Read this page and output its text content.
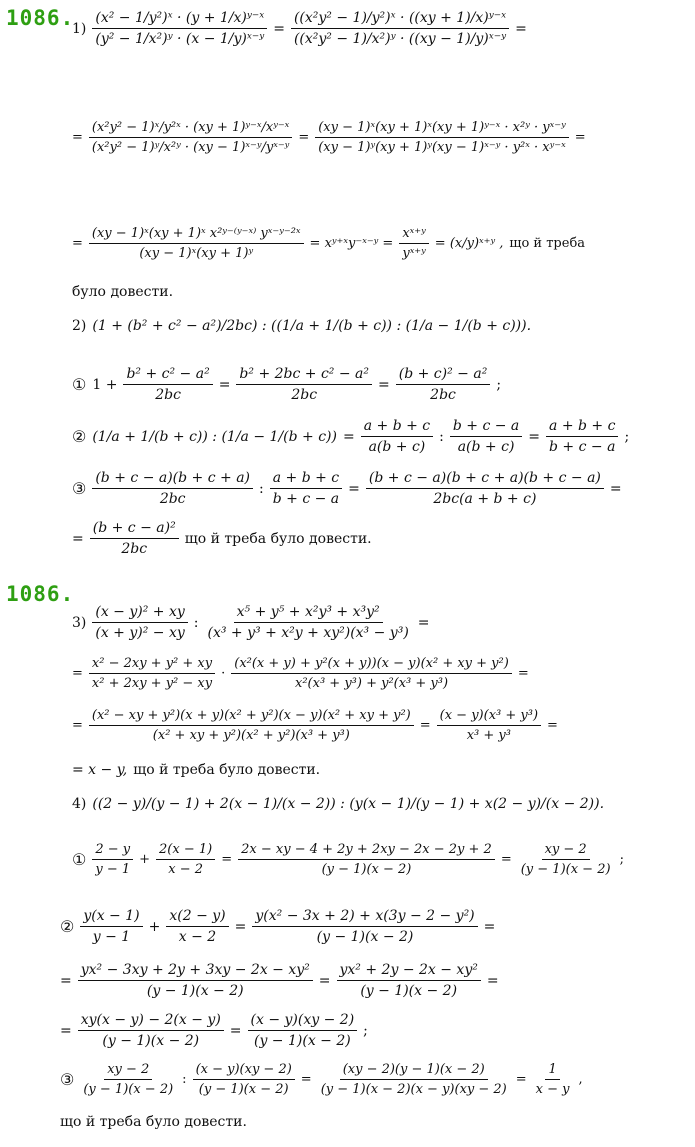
1086.
$1) \frac{\text{(x² − 1/y²)ˣ · (y + 1/x)ʸ⁻ˣ}}{\text{(y² − 1/x²)ʸ · (x − 1/y)ˣ⁻ʸ}} = \frac{\text{((x²y² − 1)/y²)ˣ · ((xy + 1)/x)ʸ⁻ˣ}}{\text{((x²y² − 1)/x²)ʸ · ((xy − 1)/y)ˣ⁻ʸ}}$ =
= $\frac{\text{(x²y² − 1)ˣ/y²ˣ · (xy + 1)ʸ⁻ˣ/xʸ⁻ˣ}}{\text{(x²y² − 1)ʸ/x²ʸ · (xy − 1)ˣ⁻ʸ/yˣ⁻ʸ}} = \frac{\text{(xy − 1)ˣ(xy + 1)ˣ(xy + 1)ʸ⁻ˣ · x²ʸ · yˣ⁻ʸ}}{\text{(xy − 1)ʸ(xy + 1)ʸ(xy − 1)ˣ⁻ʸ · y²ˣ · xʸ⁻ˣ}}$ =
= $\frac{\text{(xy − 1)ˣ(xy + 1)ˣ x²ʸ⁻⁽ʸ⁻ˣ⁾ yˣ⁻ʸ⁻²ˣ}}{\text{(xy − 1)ˣ(xy + 1)ʸ}}$ = xʸ⁺ˣy⁻ˣ⁻ʸ = $\frac{\text{xˣ⁺ʸ}}{\text{yˣ⁺ʸ}}$ = (x/y)ˣ⁺ʸ , що й треба
було довести.
2) (1 + (b² + c² − a²)/2bc) : ((1/a + 1/(b + c)) : (1/a − 1/(b + c))).
① $1 + \frac{\text{b² + c² − a²}}{2bc} = \frac{\text{b² + 2bc + c² − a²}}{2bc} = \frac{\text{(b + c)² − a²}}{2bc}$ ;
② (1/a + 1/(b + c)) : $(1/a - 1/(b + c)) = \frac{a + b + c}{a(b + c)}$ : $\frac{b + c - a}{a(b + c)} = \frac{a + b + c}{b + c - a}$ ;
③ $\frac{(b + c - a)(b + c + a)}{2bc}$ : $\frac{a + b + c}{b + c - a} = \frac{(b + c - a)(b + c + a)(b + c - a)}{2bc(a + b + c)}$ =
= $\frac{\text{(b + c − a)²}}{2bc}$ що й треба було довести.
1086.
$3) \frac{\text{(x − y)² + xy}}{\text{(x + y)² − xy}}$ : $\frac{\text{x⁵ + y⁵ + x²y³ + x³y²}}{\text{(x³ + y³ + x²y + xy²)(x³ − y³)}}$ =
= $\frac{\text{x² − 2xy + y² + xy}}{\text{x² + 2xy + y² − xy}} \cdot \frac{\text{(x²(x + y) + y²(x + y))(x − y)(x² + xy + y²)}}{\text{x²(x³ + y³) + y²(x³ + y³)}}$ =
= $\frac{\text{(x² − xy + y²)(x + y)(x² + y²)(x − y)(x² + xy + y²)}}{\text{(x² + xy + y²)(x² + y²)(x³ + y³)}} = \frac{\text{(x − y)(x³ + y³)}}{\text{x³ + y³}}$ =
= x − y, що й треба було довести.
4) ((2 − y)/(y − 1) + 2(x − 1)/(x − 2)) : (y(x − 1)/(y − 1) + x(2 − y)/(x − 2)).
① $\frac{2 - y}{y - 1} + \frac{2(x - 1)}{x - 2} = \frac{2x - xy - 4 + 2y + 2xy - 2x - 2y + 2}{(y - 1)(x - 2)} = \frac{xy - 2}{(y - 1)(x - 2)}$ ;
② $\frac{y(x - 1)}{y - 1} + \frac{x(2 - y)}{x - 2} = \frac{\text{y(x² − 3x + 2) + x(3y − 2 − y²)}}{(y - 1)(x - 2)}$ =
= $\frac{\text{yx² − 3xy + 2y + 3xy − 2x − xy²}}{(y - 1)(x - 2)} = \frac{\text{yx² + 2y − 2x − xy²}}{(y - 1)(x - 2)}$ =
= $\frac{xy(x - y) - 2(x - y)}{(y - 1)(x - 2)} = \frac{(x - y)(xy - 2)}{(y - 1)(x - 2)}$ ;
③ $\frac{xy - 2}{(y - 1)(x - 2)}$ : $\frac{(x - y)(xy - 2)}{(y - 1)(x - 2)} = \frac{(xy - 2)(y - 1)(x - 2)}{(y - 1)(x - 2)(x - y)(xy - 2)} = \frac{1}{x - y}$ ,
що й треба було довести.
